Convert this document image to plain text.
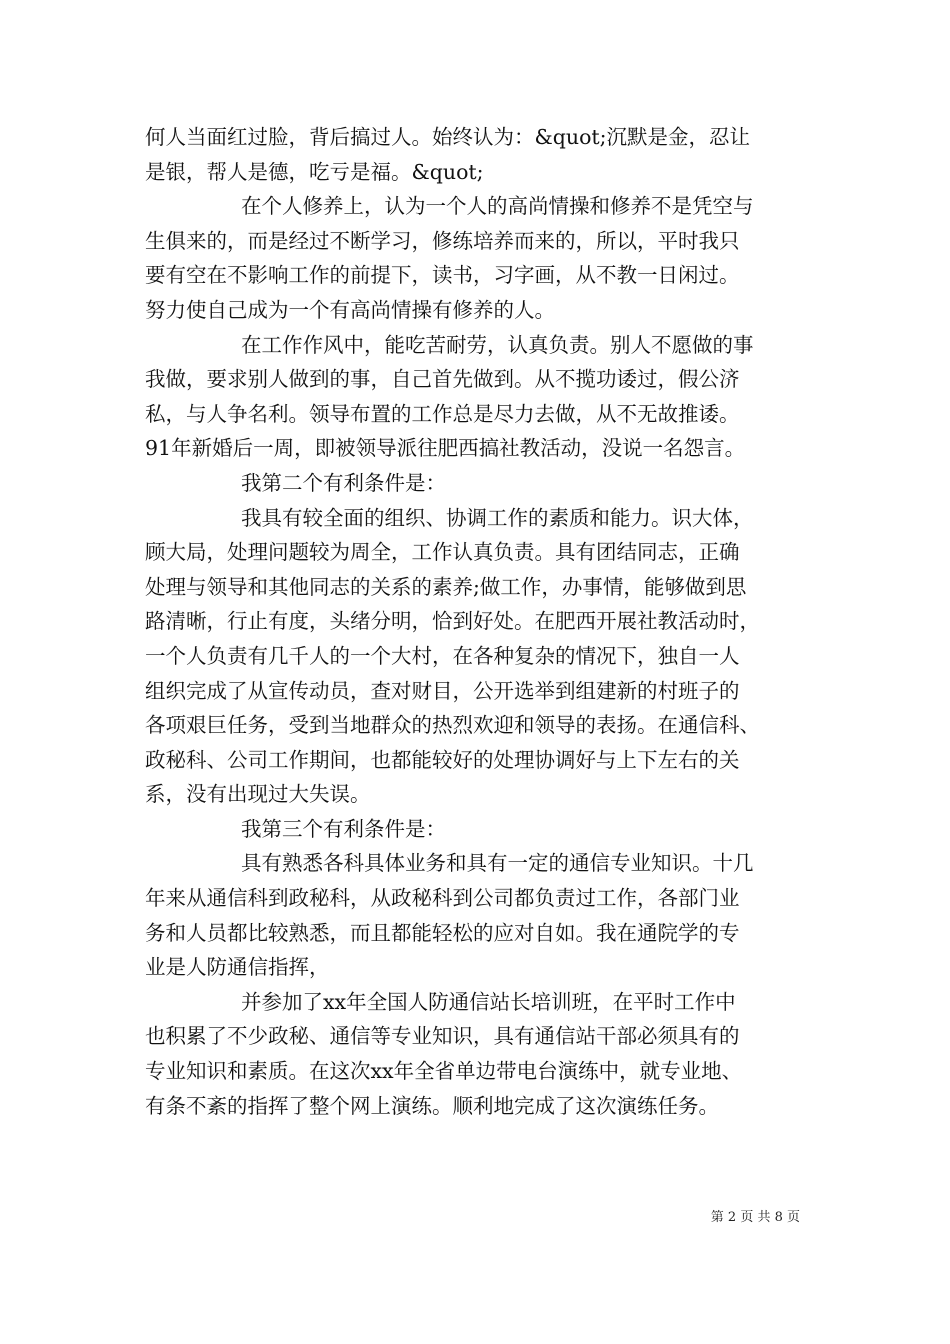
何人当面红过脸，背后搞过人。始终认为：&quot;沉默是金，忍让
是银，帮人是德，吃亏是福。&quot;
在个人修养上，认为一个人的高尚情操和修养不是凭空与
生俱来的，而是经过不断学习，修练培养而来的，所以，平时我只
要有空在不影响工作的前提下，读书，习字画，从不教一日闲过。
努力使自己成为一个有高尚情操有修养的人。
在工作作风中，能吃苦耐劳，认真负责。别人不愿做的事
我做，要求别人做到的事，自己首先做到。从不揽功诿过，假公济
私，与人争名利。领导布置的工作总是尽力去做，从不无故推诿。
91年新婚后一周，即被领导派往肥西搞社教活动，没说一名怨言。
我第二个有利条件是：
我具有较全面的组织、协调工作的素质和能力。识大体，
顾大局，处理问题较为周全，工作认真负责。具有团结同志，正确
处理与领导和其他同志的关系的素养;做工作，办事情，能够做到思
路清晰，行止有度，头绪分明，恰到好处。在肥西开展社教活动时，
一个人负责有几千人的一个大村，在各种复杂的情况下，独自一人
组织完成了从宣传动员，查对财目，公开选举到组建新的村班子的
各项艰巨任务，受到当地群众的热烈欢迎和领导的表扬。在通信科、
政秘科、公司工作期间，也都能较好的处理协调好与上下左右的关
系，没有出现过大失误。
我第三个有利条件是：
具有熟悉各科具体业务和具有一定的通信专业知识。十几
年来从通信科到政秘科，从政秘科到公司都负责过工作，各部门业
务和人员都比较熟悉，而且都能轻松的应对自如。我在通院学的专
业是人防通信指挥，
并参加了xx年全国人防通信站长培训班，在平时工作中
也积累了不少政秘、通信等专业知识，具有通信站干部必须具有的
专业知识和素质。在这次xx年全省单边带电台演练中，就专业地、
有条不紊的指挥了整个网上演练。顺利地完成了这次演练任务。
第 2 页 共 8 页
